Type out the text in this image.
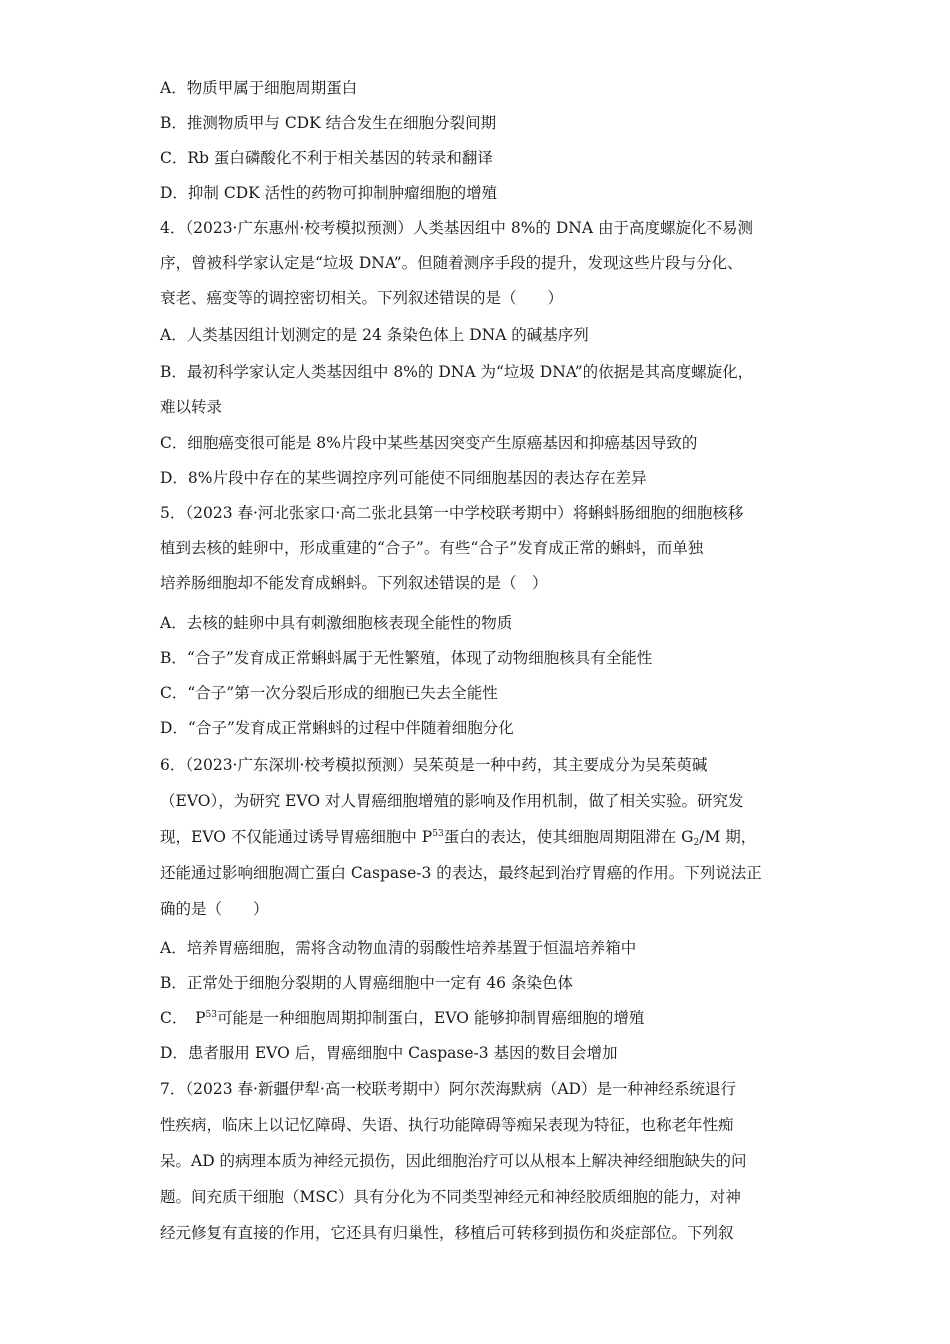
A．物质甲属于细胞周期蛋白
B．推测物质甲与 CDK 结合发生在细胞分裂间期
C．Rb 蛋白磷酸化不利于相关基因的转录和翻译
D．抑制 CDK 活性的药物可抑制肿瘤细胞的增殖
4．（2023·广东惠州·校考模拟预测）人类基因组中 8%的 DNA 由于高度螺旋化不易测
序，曾被科学家认定是“垃圾 DNA”。但随着测序手段的提升，发现这些片段与分化、
衰老、癌变等的调控密切相关。下列叙述错误的是（　　）
A．人类基因组计划测定的是 24 条染色体上 DNA 的碱基序列
B．最初科学家认定人类基因组中 8%的 DNA 为“垃圾 DNA”的依据是其高度螺旋化，
难以转录
C．细胞癌变很可能是 8%片段中某些基因突变产生原癌基因和抑癌基因导致的
D．8%片段中存在的某些调控序列可能使不同细胞基因的表达存在差异
5．（2023 春·河北张家口·高二张北县第一中学校联考期中）将蝌蚪肠细胞的细胞核移
植到去核的蛙卵中，形成重建的“合子”。有些“合子”发育成正常的蝌蚪，而单独
培养肠细胞却不能发育成蝌蚪。下列叙述错误的是（　）
A．去核的蛙卵中具有刺激细胞核表现全能性的物质
B．“合子”发育成正常蝌蚪属于无性繁殖，体现了动物细胞核具有全能性
C．“合子”第一次分裂后形成的细胞已失去全能性
D．“合子”发育成正常蝌蚪的过程中伴随着细胞分化
6．（2023·广东深圳·校考模拟预测）吴茱萸是一种中药，其主要成分为吴茱萸碱
（EVO），为研究 EVO 对人胃癌细胞增殖的影响及作用机制，做了相关实验。研究发
现，EVO 不仅能通过诱导胃癌细胞中 $P^{53}$蛋白的表达，使其细胞周期阻滞在 $G_2/M$ 期，
还能通过影响细胞凋亡蛋白 Caspase-3 的表达，最终起到治疗胃癌的作用。下列说法正
确的是（　　）
A．培养胃癌细胞，需将含动物血清的弱酸性培养基置于恒温培养箱中
B．正常处于细胞分裂期的人胃癌细胞中一定有 46 条染色体
C．　$P^{53}$可能是一种细胞周期抑制蛋白，EVO 能够抑制胃癌细胞的增殖
D．患者服用 EVO 后，胃癌细胞中 Caspase-3 基因的数目会增加
7．（2023 春·新疆伊犁·高一校联考期中）阿尔茨海默病（AD）是一种神经系统退行
性疾病，临床上以记忆障碍、失语、执行功能障碍等痴呆表现为特征，也称老年性痴
呆。AD 的病理本质为神经元损伤，因此细胞治疗可以从根本上解决神经细胞缺失的问
题。间充质干细胞（MSC）具有分化为不同类型神经元和神经胶质细胞的能力，对神
经元修复有直接的作用，它还具有归巢性，移植后可转移到损伤和炎症部位。下列叙
